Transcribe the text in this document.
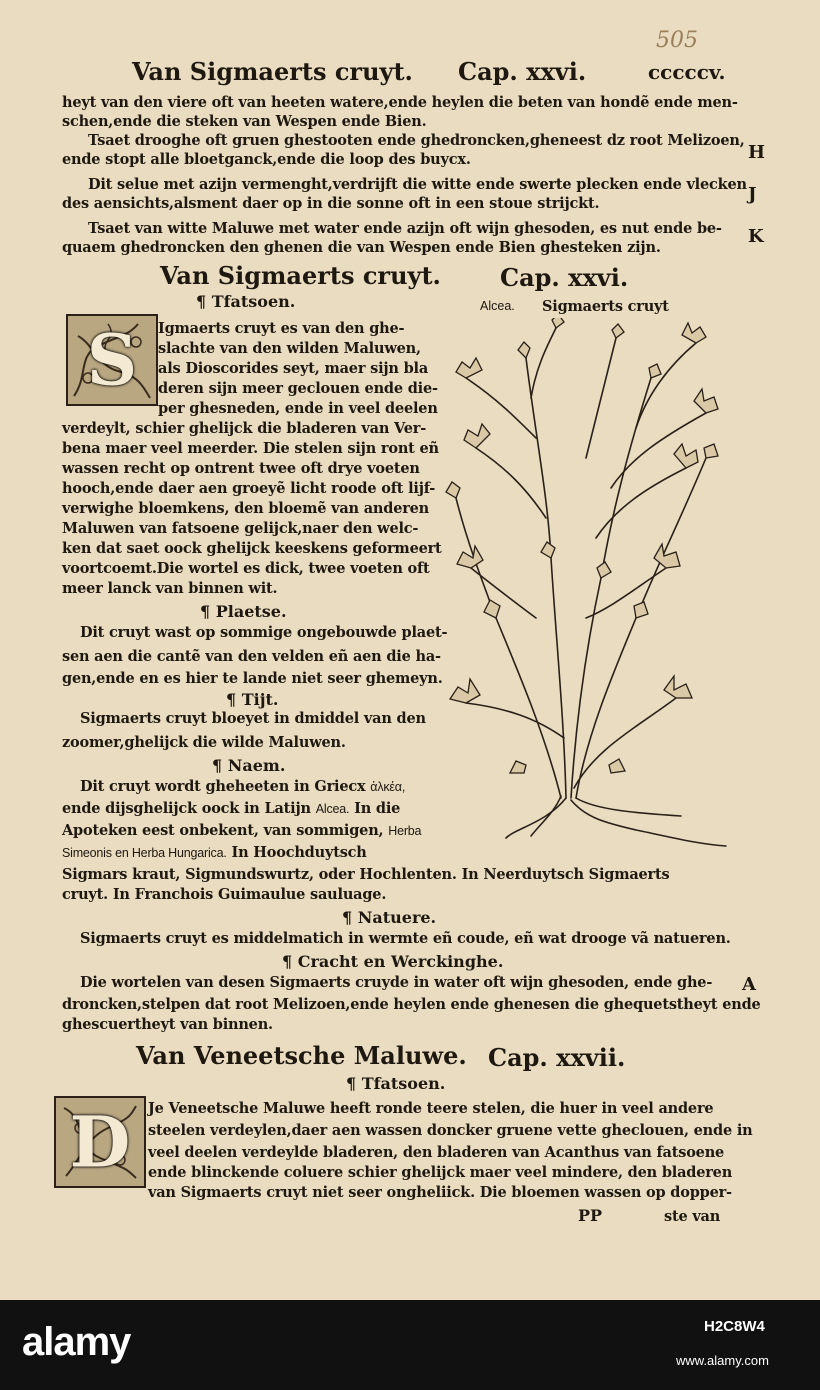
505
Van Sigmaerts cruyt. Cap. xxvi.	cccccv.
heyt van den viere oft van heeten watere,ende heylen die beten van hondẽ ende men-
schen,ende die steken van Wespen ende Bien.
Tsaet drooghe oft gruen ghestooten ende ghedroncken,gheneest dz root Melizoen,
ende stopt alle bloetganck,ende die loop des buycx.
Dit selue met azijn vermenght,verdrijft die witte ende swerte plecken ende vlecken
des aensichts,alsment daer op in die sonne oft in een stoue strijckt.
Tsaet van witte Maluwe met water ende azijn oft wijn ghesoden, es nut ende be-
quaem ghedroncken den ghenen die van Wespen ende Bien ghesteken zijn.
H
J
K
Van Sigmaerts cruyt. Cap. xxvi.
¶ Tfatsoen.	Alcea. Sigmaerts cruyt
S	Igmaerts cruyt es van den ghe-
slachte van den wilden Maluwen,
als Dioscorides seyt, maer sijn bla
deren sijn meer geclouen ende die-
per ghesneden, ende in veel deelen
verdeylt, schier ghelijck die bladeren van Ver-
bena maer veel meerder. Die stelen sijn ront eñ
wassen recht op ontrent twee oft drye voeten
hooch,ende daer aen groeyẽ licht roode oft lijf-
verwighe bloemkens, den bloemẽ van anderen
Maluwen van fatsoene gelijck,naer den welc-
ken dat saet oock ghelijck keeskens geformeert
voortcoemt.Die wortel es dick, twee voeten oft
meer lanck van binnen wit.
¶ Plaetse.
Dit cruyt wast op sommige ongebouwde plaet-
sen aen die cantẽ van den velden eñ aen die ha-
gen,ende en es hier te lande niet seer ghemeyn.
¶ Tijt.
Sigmaerts cruyt bloeyet in dmiddel van den
zoomer,ghelijck die wilde Maluwen.
¶ Naem.
Dit cruyt wordt gheheeten in Griecx ἀλκέα,
ende dijsghelijck oock in Latijn Alcea. In die
Apoteken eest onbekent, van sommigen, Herba
Simeonis en Herba Hungarica. In Hoochduytsch
Sigmars kraut, Sigmundswurtz, oder Hochlenten. In Neerduytsch Sigmaerts
cruyt. In Franchois Guimaulue sauluage.
¶ Natuere.
Sigmaerts cruyt es middelmatich in wermte eñ coude, eñ wat drooge vã natueren.
¶ Cracht en Werckinghe.
Die wortelen van desen Sigmaerts cruyde in water oft wijn ghesoden, ende ghe-
droncken,stelpen dat root Melizoen,ende heylen ende ghenesen die ghequetstheyt ende
ghescuertheyt van binnen.
A
Van Veneetsche Maluwe. Cap. xxvii.
¶ Tfatsoen.
D	Je Veneetsche Maluwe heeft ronde teere stelen, die huer in veel andere
steelen verdeylen,daer aen wassen doncker gruene vette gheclouen, ende in
veel deelen verdeylde bladeren, den bladeren van Acanthus van fatsoene
ende blinckende coluere schier ghelijck maer veel mindere, den bladeren
van Sigmaerts cruyt niet seer ongheliick. Die bloemen wassen op dopper-
PP	ste van
alamy	H2C8W4
www.alamy.com
